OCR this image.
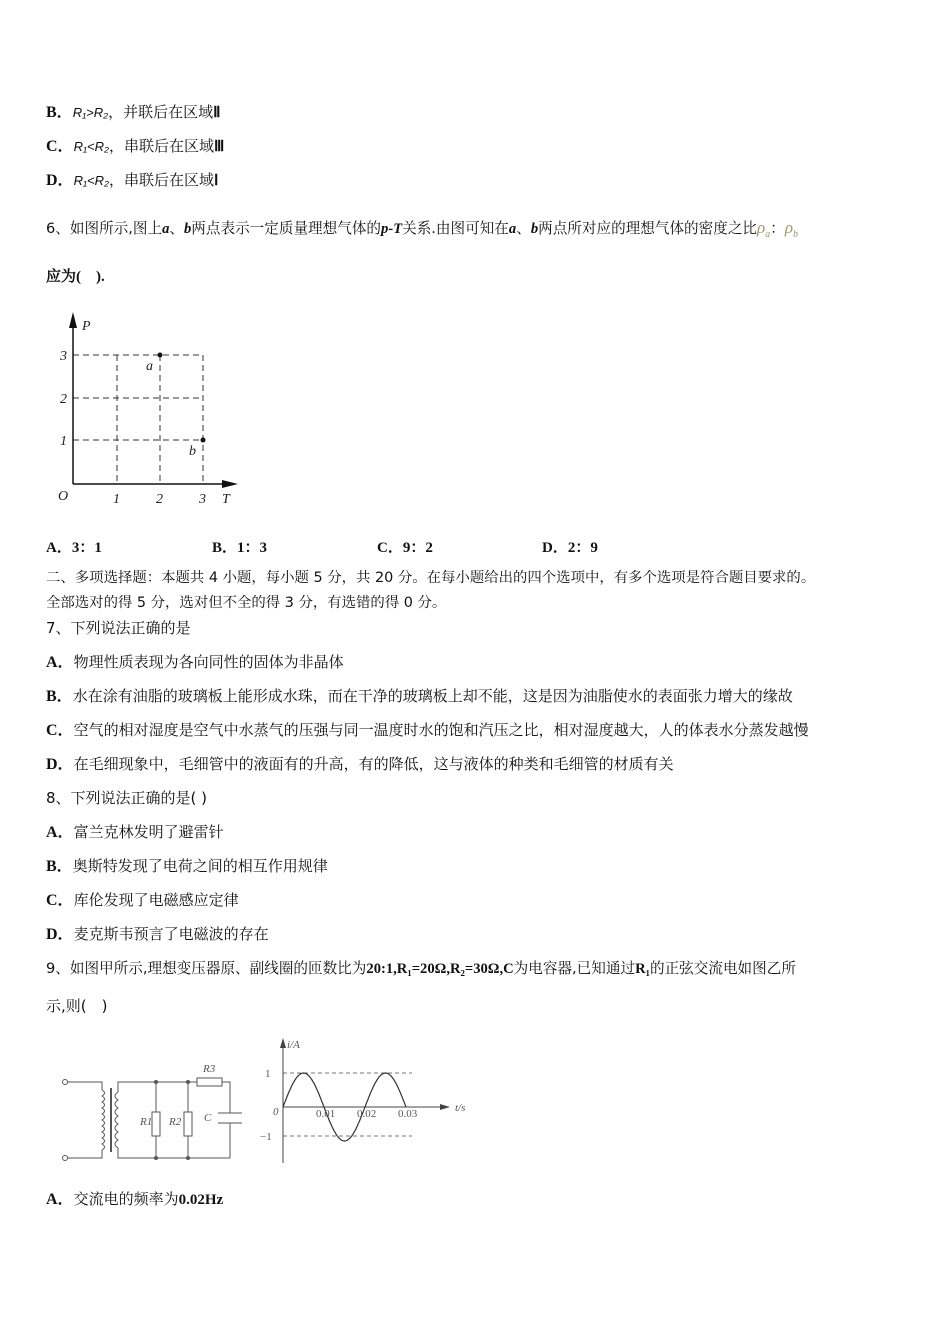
B．R₁>R₂，并联后在区域Ⅱ
C．R₁<R₂，串联后在区域Ⅲ
D．R₁<R₂，串联后在区域Ⅰ
6、如图所示,图上a、b两点表示一定质量理想气体的p-T关系.由图可知在a、b两点所对应的理想气体的密度之比$\rho_a$：$\rho_b$
应为(　).
P
T
O	1	2	3
1
2
3
a
b
A．3：1	B．1：3	C．9：2	D．2：9
二、多项选择题：本题共 4 小题，每小题 5 分，共 20 分。在每小题给出的四个选项中，有多个选项是符合题目要求的。
全部选对的得 5 分，选对但不全的得 3 分，有选错的得 0 分。
7、下列说法正确的是
A．物理性质表现为各向同性的固体为非晶体
B．水在涂有油脂的玻璃板上能形成水珠，而在干净的玻璃板上却不能，这是因为油脂使水的表面张力增大的缘故
C．空气的相对湿度是空气中水蒸气的压强与同一温度时水的饱和汽压之比，相对湿度越大，人的体表水分蒸发越慢
D．在毛细现象中，毛细管中的液面有的升高，有的降低，这与液体的种类和毛细管的材质有关
8、下列说法正确的是( )
A．富兰克林发明了避雷针
B．奥斯特发现了电荷之间的相互作用规律
C．库伦发现了电磁感应定律
D．麦克斯韦预言了电磁波的存在
9、如图甲所示,理想变压器原、副线圈的匝数比为20:1,R₁=20Ω,R₂=30Ω,C为电容器,已知通过R₁的正弦交流电如图乙所
示,则(　)
R1 R2
R3
C
i/A
t/s
0
1
−1
0.01 0.02 0.03
A．交流电的频率为0.02Hz
